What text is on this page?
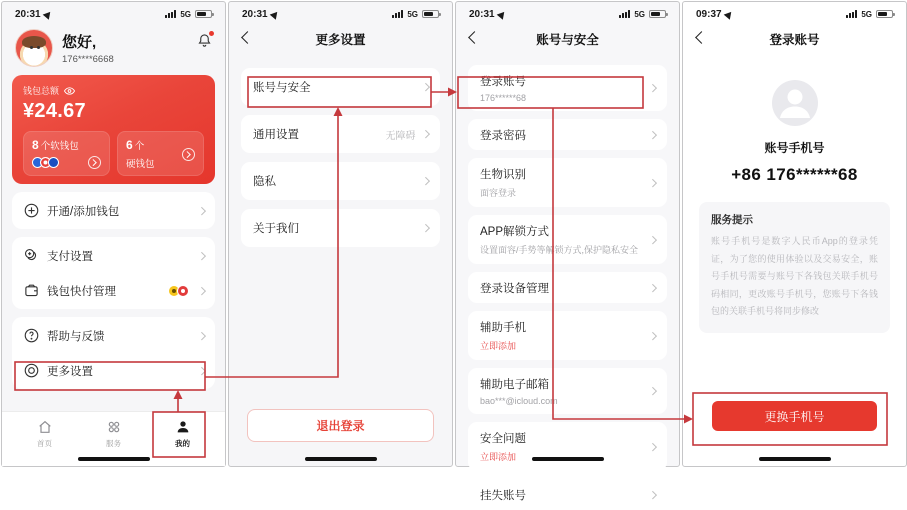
20:31	5G
您好,
176****6668
钱包总额
¥24.67
8 个软钱包	6 个
硬钱包
开通/添加钱包
支付设置
钱包快付管理
帮助与反馈
更多设置
首页	服务	我的
20:31	5G
更多设置
账号与安全
通用设置	无障碍
隐私
关于我们
退出登录
20:31	5G
账号与安全
登录账号
176******68
登录密码
生物识别
面容登录
APP解锁方式
设置面容/手势等解锁方式,保护隐私安全
登录设备管理
辅助手机
立即添加
辅助电子邮箱
bao***@icloud.com
安全问题
立即添加
挂失账号
09:37	5G
登录账号
账号手机号
+86 176******68
服务提示
账号手机号是数字人民币App的登录凭证，为了您的使用体验以及交易安全，账号手机号需要与账号下各钱包关联手机号码相同，更改账号手机号，您账号下各钱包的关联手机号将同步修改
更换手机号
